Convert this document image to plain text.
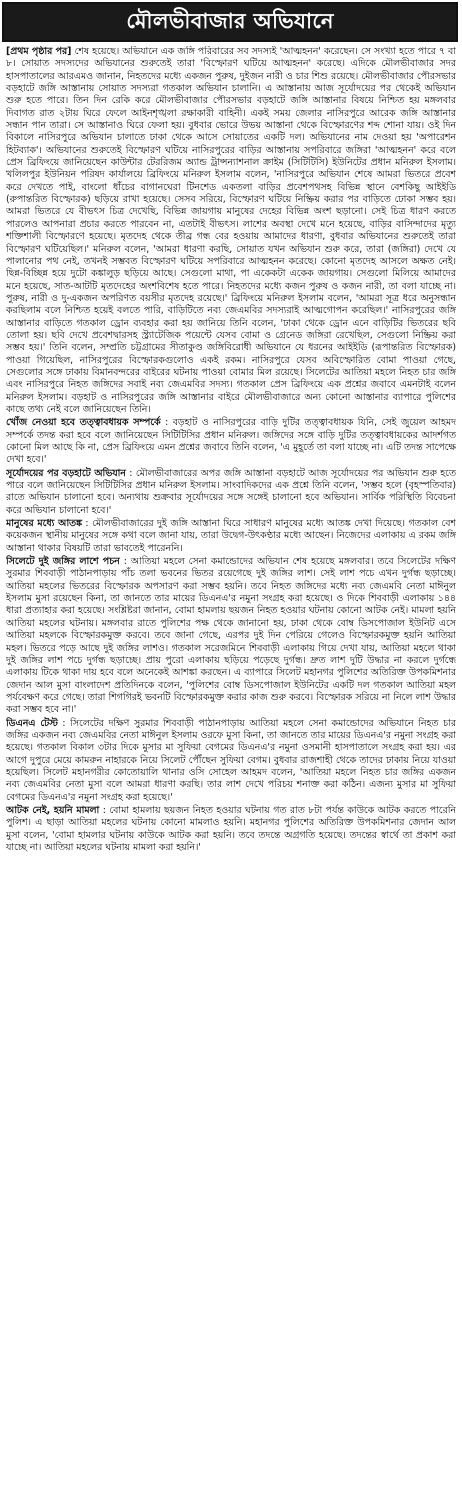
মৌলভীবাজার অভিযানে

[প্রথম পৃষ্ঠার পর] শেষ হয়েছে। অভিযানে এক জঙ্গি পরিবারের সব সদস্যই 'আত্মহনন' করেছেন। সে সংখ্যা হতে পারে ৭ বা ৮। সোয়াত সদস্যদের অভিযানের শুরুতেই তারা 'বিস্ফোরণ ঘটিয়ে আত্মহনন' করেছে। এদিকে মৌলভীবাজার সদর হাসপাতালের আরএমও জানান, নিহতদের মধ্যে একজন পুরুষ, দুইজন নারী ও চার শিশু রয়েছে। মৌলভীবাজার পৌরসভার বড়হাটে জঙ্গি আস্তানায় সোয়াত সদস্যরা গতকাল অভিযান চালানি। এ আস্তানায় আজ সূর্যোদয়ের পর থেকেই অভিযান শুরু হতে পারে। তিন দিন রেকি করে মৌলভীবাজার পৌরসভার বড়হাটে জঙ্গি আস্তানার বিষয়ে নিশ্চিত হয় মঙ্গলবার দিবাগত রাত ২টায় ঘিরে ফেলে আইনশৃঙ্খলা রক্ষাকারী বাহিনী। একই সময় জেলার নাসিরপুরে আরেক জঙ্গি আস্তানার সন্ধান পান তারা। সে আস্তানাও ঘিরে ফেলা হয়। বুধবার ভোরে উভয় আস্তানা থেকে বিস্ফোরণের শব্দ শোনা যায়। ওই দিন বিকালে নাসিরপুরে অভিযান চালাতে ঢাকা থেকে আসে সোয়াতের একটি দল। অভিযানের নাম দেওয়া হয় 'অপারেশন হিটব্যাক'। অভিযানের শুরুতেই বিস্ফোরণ ঘটিয়ে নাসিরপুরের বাড়ির আস্তানায় সপরিবারে জঙ্গিরা 'আত্মহনন' করে বলে প্রেস ব্রিফিংয়ে জানিয়েছেন কাউন্টার টেররিজম অ্যান্ড ট্রান্সন্যাশনাল ক্রাইম (সিটিটিসি) ইউনিটের প্রধান মনিরুল ইসলাম। খলিলপুর ইউনিয়ন পরিষদ কার্যালয়ে ব্রিফিংয়ে মনিরুল ইসলাম বলেন, 'নাসিরপুরে অভিযান শেষে আমরা ভিতরে প্রবেশ করে দেখতে পাই, বাংলো ধাঁচের বাগানঘেরা টিনশেড একতলা বাড়ির প্রবেশপথসহ বিভিন্ন স্থানে বেশকিছু আইইডি (রুপান্তরিত বিস্ফোরক) ছড়িয়ে রাখা হয়েছে। সেসব সরিয়ে, বিস্ফোরণ ঘটিয়ে নিষ্ক্রিয় করার পর বাড়িতে ঢোকা সম্ভব হয়। আমরা ভিতরে যে বীভৎস চিত্র দেখেছি, বিভিন্ন জায়গায় মানুষের দেহের বিভিন্ন অংশ ছড়ানো। সেই চিত্র ধারণ করতে পারলেও আপনারা প্রচার করতে পারবেন না, এতটাই বীভৎস। লাশের অবস্থা দেখে মনে হয়েছে, বাড়ির বাসিন্দাদের মৃত্যু শক্তিশালী বিস্ফোরণে হয়েছে। মৃতদেহ থেকে তীব্র গন্ধ বের হওয়ায় আমাদের ধারণা, বুধবার অভিযানের শুরুতেই তারা বিস্ফোরণ ঘটিয়েছিল।' মনিরুল বলেন, 'আমরা ধারণা করছি, সোয়াত যখন অভিযান শুরু করে, তারা (জঙ্গিরা) দেখে যে পালানোর পথ নেই, তখনই সম্ভবত বিস্ফোরণ ঘটিয়ে সপরিবারে আত্মহনন করেছে। কোনো মৃতদেহ আসলে অক্ষত নেই। ছিন্ন-বিচ্ছিন্ন হয়ে দুটো কঙ্কালুড় ছড়িয়ে আছে। সেগুলো মাথা, পা একেকটা একেক জায়গায়। সেগুলো মিলিয়ে আমাদের মনে হয়েছে, সাত-আটটি মৃতদেহের অংশবিশেষ হতে পারে। নিহতদের মধ্যে কজন পুরুষ ও কজন নারী, তা বলা যাচ্ছে না। পুরুষ, নারী ও দু-একজন অপরিণত বয়সীর মৃতদেহ রয়েছে।' ব্রিফিংয়ে মনিরুল ইসলাম বলেন, 'আমরা সূত্র ধরে অনুসন্ধান করছিলাম বলে নিশ্চিত হয়েই বলতে পারি, বাড়িটিতে নব্য জেএমবির সদস্যরাই আত্মগোপন করেছিল।' নাসিরপুরের জঙ্গি আস্তানার বাড়িতে গতকাল ড্রোন ব্যবহার করা হয় জানিয়ে তিনি বলেন, 'ঢাকা থেকে ড্রোন এনে বাড়িটির ভিতরের ছবি তোলা হয়। ছবি দেখে প্রবেশদ্বারসহ স্ট্র্যাটেজিক পয়েন্টে যেসব বোমা ও গ্রেনেড জঙ্গিরা রেখেছিল, সেগুলো নিষ্ক্রিয় করা সম্ভব হয়।' তিনি বলেন, সম্প্রতি চট্টগ্রামের সীতাকুণ্ড জঙ্গিবিরোধী অভিযানে যে ধরনের আইইডি (রূপান্তরিত বিস্ফোরক) পাওয়া গিয়েছিল, নাসিরপুরের বিস্ফোরকগুলোও একই রকম। নাসিরপুরে যেসব অবিস্ফোরিত বোমা পাওয়া গেছে, সেগুলোর সঙ্গে ঢাকায় বিমানবন্দরের বাইরের ঘটনায় পাওয়া বোমার মিল রয়েছে। সিলেটের আতিয়া মহলে নিহত চার জঙ্গি এবং নাসিরপুরে নিহত জঙ্গিদের সবাই নব্য জেএমবির সদস্য। গতকাল প্রেস ব্রিফিংয়ে এক প্রশ্নের জবাবে এমনটাই বলেন মনিরুল ইসলাম। বড়হাট ও নাসিরপুরের জঙ্গি আস্তানার বাইরে মৌলভীবাজারে অন্য কোনো আস্তানার ব্যাপারে পুলিশের কাছে তথ্য নেই বলে জানিয়েছেন তিনি।

খোঁজ নেওয়া হবে তত্ত্বাবধায়ক সম্পর্কে : বড়হাট ও নাসিরপুরের বাড়ি দুটির তত্ত্বাবধায়ক যিনি, সেই জুয়েল আহমদ সম্পর্কে তদন্ত করা হবে বলে জানিয়েছেন সিটিটিসির প্রধান মনিরুল। জঙ্গিদের সঙ্গে বাড়ি দুটির তত্ত্বাবধায়কের আদর্শগত কোনো মিল আছে কি না, প্রেস ব্রিফিংয়ে এমন প্রশ্নের জবাবে তিনি বলেন, 'এ মুহূর্তে তা বলা যাচ্ছে না। এটি তদন্ত সাপেক্ষে দেখা হবে।'

সূর্যোদয়ের পর বড়হাটে অভিযান : মৌলভীবাজারের অপর জঙ্গি আস্তানা বড়হাটে আজ সূর্যোদয়ের পর অভিযান শুরু হতে পারে বলে জানিয়েছেন সিটিটিসির প্রধান মনিরুল ইসলাম। সাংবাদিকদের এক প্রশ্নে তিনি বলেন, 'সম্ভব হলে (বৃহস্পতিবার) রাতে অভিযান চালানো হবে। অন্যথায় শুক্রবার সূর্যোদয়ের সঙ্গে সঙ্গেই চালানো হবে অভিযান। সার্বিক পরিস্থিতি বিবেচনা করে অভিযান চালানো হবে।'

মানুষের মধ্যে আতঙ্ক : মৌলভীবাজারের দুই জঙ্গি আস্তানা ঘিরে সাধারণ মানুষের মধ্যে আতঙ্ক দেখা দিয়েছে। গতকাল বেশ কয়েকজন স্থানীয় মানুষের সঙ্গে কথা বলে জানা যায়, তারা উদ্বেগ-উৎকণ্ঠার মধ্যে আছেন। নিজেদের এলাকায় এ রকম জঙ্গি আস্তানা থাকার বিষয়টি তারা ভাবতেই পারেননি।

সিলেটে দুই জঙ্গির লাশে পচন : আতিয়া মহলে সেনা কমান্ডোদের অভিযান শেষ হয়েছে মঙ্গলবার। তবে সিলেটের দক্ষিণ সুরমার শিববাড়ী পাঠানপাড়ায় পাঁচ তলা ভবনের ভিতর রয়েগেছে দুই জঙ্গির লাশ। সেই লাশ পচে এখন দুর্গন্ধ ছড়াচ্ছে। আতিয়া মহলের ভিতরের বিস্ফোরক অপসারণ করা সম্ভব হয়নি। তবে নিহত জঙ্গিদের মধ্যে নব্য জেএমবি নেতা মাঈনুল ইসলাম মুসা রয়েছেন কিনা, তা জানতে তার মায়ের ডিএনএ'র নমুনা সংগ্রহ করা হয়েছে। ও দিকে শিববাড়ী এলাকায় ১৪৪ ধারা প্রত্যাহার করা হয়েছে। সংশ্লিষ্টরা জানান, বোমা হামলায় ছয়জন নিহত হওয়ার ঘটনায় কোনো আটক নেই। মামলা হয়নি আতিয়া মহলের ঘটনায়। মঙ্গলবার রাতে পুলিশের পক্ষ থেকে জানানো হয়, ঢাকা থেকে বোম্ব ডিসপোজাল ইউনিট এসে আতিয়া মহলকে বিস্ফোরকমুক্ত করবে। তবে জানা গেছে, এরপর দুই দিন পেরিয়ে গেলেও বিস্ফোরকমুক্ত হয়নি আতিয়া মহল। ভিতরে পড়ে আছে দুই জঙ্গির লাশও। গতকাল সরেজমিনে শিববাড়ী এলাকায় গিয়ে দেখা যায়, আতিয়া মহলে থাকা দুই জঙ্গির লাশ পচে দুর্গন্ধ ছড়াচ্ছে। প্রায় পুরো এলাকায় ছড়িয়ে পড়েছে দুর্গন্ধ। দ্রুত লাশ দুটি উদ্ধার না করলে দুর্গন্ধে এলাকায় টিকে থাকা দায় হবে বলে অনেকেই আশঙ্কা করছেন। এ ব্যাপারে সিলেট মহানগর পুলিশের অতিরিক্ত উপকমিশনার জেদান আল মুসা বাংলাদেশ প্রতিদিনকে বলেন, 'পুলিশের বোম্ব ডিসপোজাল ইউনিটের একটি দল গতকাল আতিয়া মহল পর্যবেক্ষণ করে গেছে। তারা শিগগিরই ভবনটি বিস্ফোরকমুক্ত করার কাজ শুরু করবে। বিস্ফোরক সরিয়ে না নিলে লাশ উদ্ধার করা সম্ভব হবে না।'

ডিএনএ টেস্ট : সিলেটের দক্ষিণ সুরমার শিববাড়ী পাঠানপাড়ায় আতিয়া মহলে সেনা কমান্ডোদের অভিযানে নিহত চার জঙ্গির একজন নব্য জেএমবির নেতা মাঈনুল ইসলাম ওরফে মুসা কিনা, তা জানতে তার মায়ের ডিএনএ'র নমুনা সংগ্রহ করা হয়েছে। গতকাল বিকাল ৩টার দিকে মুসার মা সুফিয়া বেগমের ডিএনএ'র নমুনা ওসমানী হাসপাতালে সংগ্রহ করা হয়। এর আগে দুপুরে মেয়ে কামরুন নাহারকে নিয়ে সিলেট পৌঁছেন সুফিয়া বেগম। বুধবার রাজশাহী থেকে তাদের ঢাকায় নিয়ে যাওয়া হয়েছিল। সিলেট মহানগরীর কোতোয়ালি থানার ওসি সোহেল আহমদ বলেন, 'আতিয়া মহলে নিহত চার জঙ্গির একজন নব্য জেএমবির নেতা মুসা বলে আমরা ধারণা করছি। তার লাশ দেখে পরিচয় শনাক্ত করা কঠিন। এজন্য মুসার মা সুফিয়া বেগমের ডিএনএ'র নমুনা সংগ্রহ করা হয়েছে।'

আটক নেই, হয়নি মামলা : বোমা হামলায় ছয়জন নিহত হওয়ার ঘটনায় গত রাত ৮টা পর্যন্ত কাউকে আটক করতে পারেনি পুলিশ। এ ছাড়া আতিয়া মহলের ঘটনায় কোনো মামলাও হয়নি। মহানগর পুলিশের অতিরিক্ত উপকমিশনার জেদান আল মুসা বলেন, 'বোমা হামলার ঘটনায় কাউকে আটক করা হয়নি। তবে তদন্তে অগ্রগতি হয়েছে। তদন্তের স্বার্থে তা প্রকাশ করা যাচ্ছে না। আতিয়া মহলের ঘটনায় মামলা করা হয়নি।'
